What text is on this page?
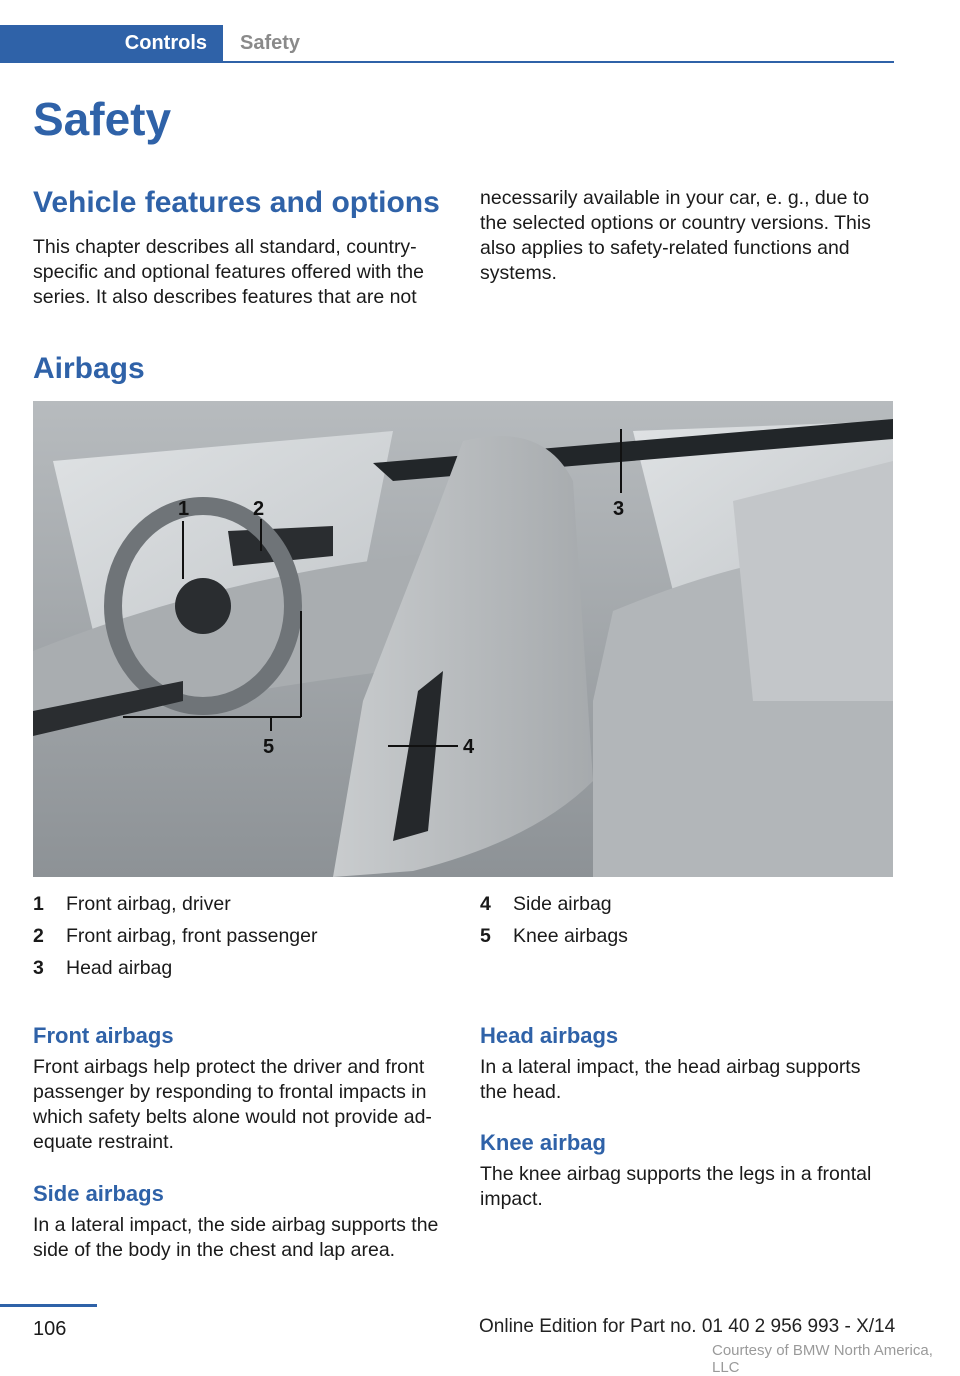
Controls	Safety
Safety
Vehicle features and options

This chapter describes all standard, country-specific and optional features offered with the series. It also describes features that are not

necessarily available in your car, e. g., due to the selected options or country versions. This also applies to safety-related functions and systems.

Airbags
1	2	3
4
5
1	Front airbag, driver
2	Front airbag, front passenger
3	Head airbag
4	Side airbag
5	Knee airbags
Front airbags

Front airbags help protect the driver and front passenger by responding to frontal impacts in which safety belts alone would not provide ad‐equate restraint.

Side airbags

In a lateral impact, the side airbag supports the side of the body in the chest and lap area.

Head airbags

In a lateral impact, the head airbag supports the head.

Knee airbag

The knee airbag supports the legs in a frontal impact.

106	Online Edition for Part no. 01 40 2 956 993 - X/14
Courtesy of BMW North America, LLC
